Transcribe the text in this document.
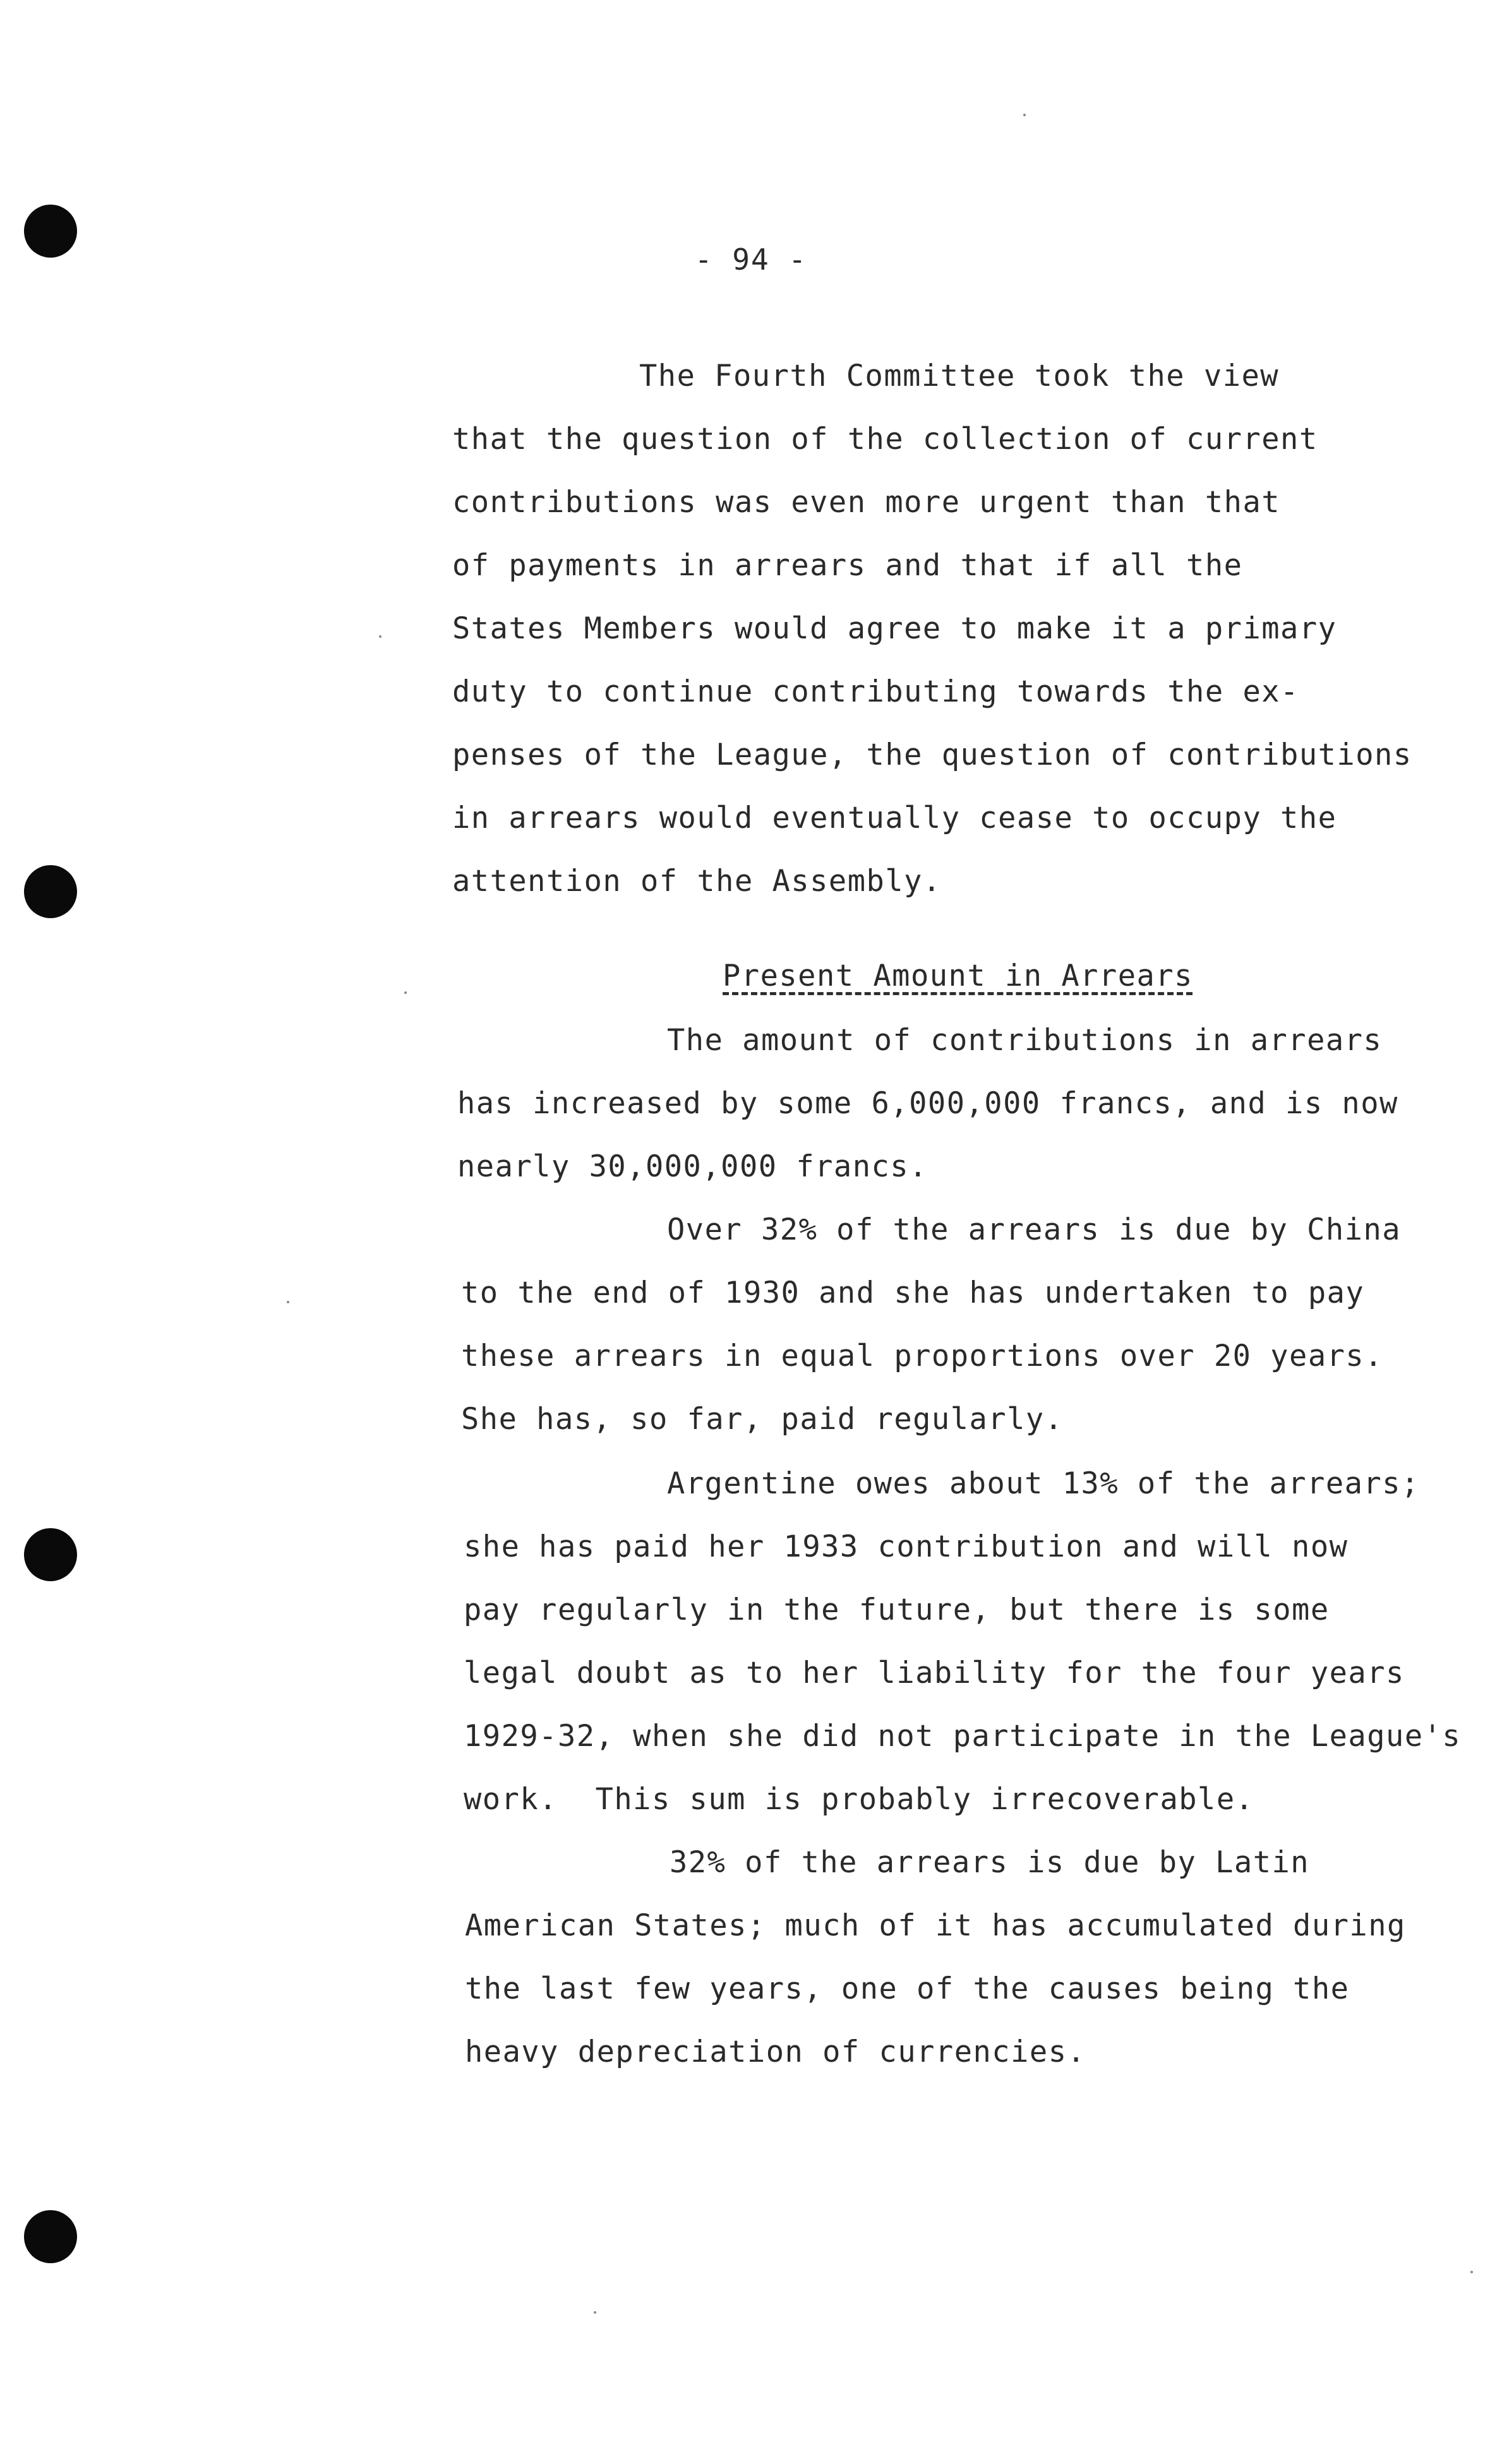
- 94 -
The Fourth Committee took the view
that the question of the collection of current
contributions was even more urgent than that
of payments in arrears and that if all the
States Members would agree to make it a primary
duty to continue contributing towards the ex-
penses of the League, the question of contributions
in arrears would eventually cease to occupy the
attention of the Assembly.
Present Amount in Arrears
The amount of contributions in arrears
has increased by some 6,000,000 francs, and is now
nearly 30,000,000 francs.
Over 32% of the arrears is due by China
to the end of 1930 and she has undertaken to pay
these arrears in equal proportions over 20 years.
She has, so far, paid regularly.
Argentine owes about 13% of the arrears;
she has paid her 1933 contribution and will now
pay regularly in the future, but there is some
legal doubt as to her liability for the four years
1929-32, when she did not participate in the League's
work.  This sum is probably irrecoverable.
32% of the arrears is due by Latin
American States; much of it has accumulated during
the last few years, one of the causes being the
heavy depreciation of currencies.
